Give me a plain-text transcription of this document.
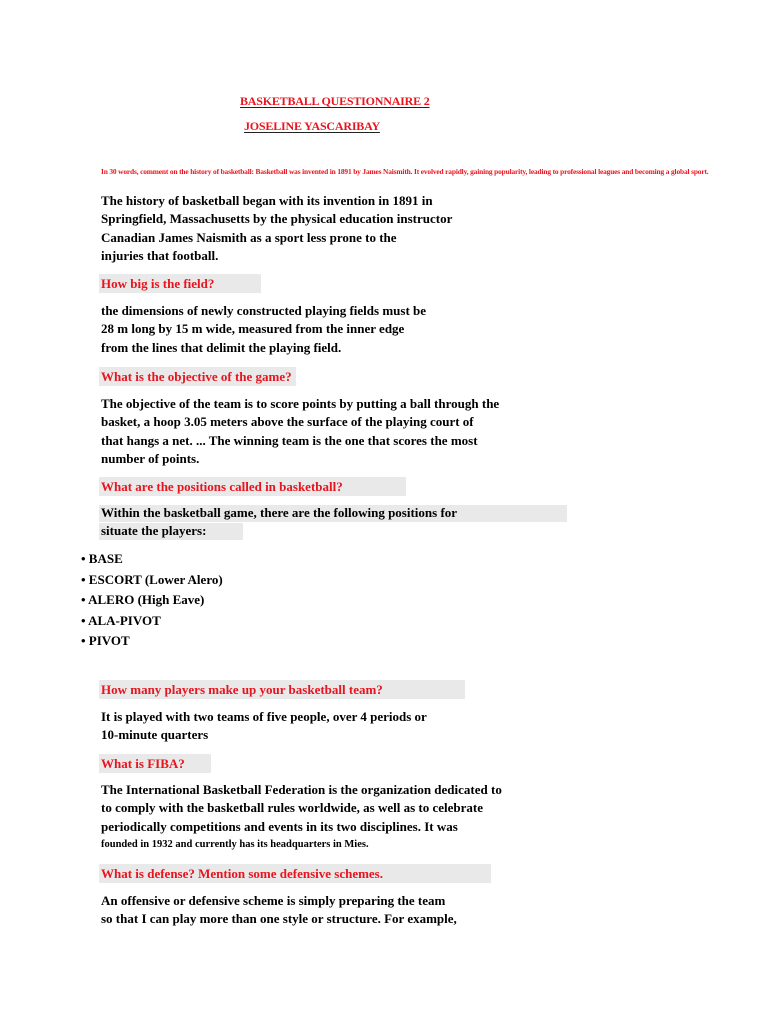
BASKETBALL QUESTIONNAIRE 2
JOSELINE YASCARIBAY
In 30 words, comment on the history of basketball: Basketball was invented in 1891 by James Naismith. It evolved rapidly, gaining popularity, leading to professional leagues and becoming a global sport.
The history of basketball began with its invention in 1891 in
Springfield, Massachusetts by the physical education instructor
Canadian James Naismith as a sport less prone to the
injuries that football.
How big is the field?
the dimensions of newly constructed playing fields must be
28 m long by 15 m wide, measured from the inner edge
from the lines that delimit the playing field.
What is the objective of the game?
The objective of the team is to score points by putting a ball through the
basket, a hoop 3.05 meters above the surface of the playing court of
that hangs a net. ... The winning team is the one that scores the most
number of points.
What are the positions called in basketball?
Within the basketball game, there are the following positions for
situate the players:
• BASE
• ESCORT (Lower Alero)
• ALERO (High Eave)
• ALA-PIVOT
• PIVOT
How many players make up your basketball team?
It is played with two teams of five people, over 4 periods or
10-minute quarters
What is FIBA?
The International Basketball Federation is the organization dedicated to
to comply with the basketball rules worldwide, as well as to celebrate
periodically competitions and events in its two disciplines. It was
founded in 1932 and currently has its headquarters in Mies.
What is defense? Mention some defensive schemes.
An offensive or defensive scheme is simply preparing the team
so that I can play more than one style or structure. For example,
